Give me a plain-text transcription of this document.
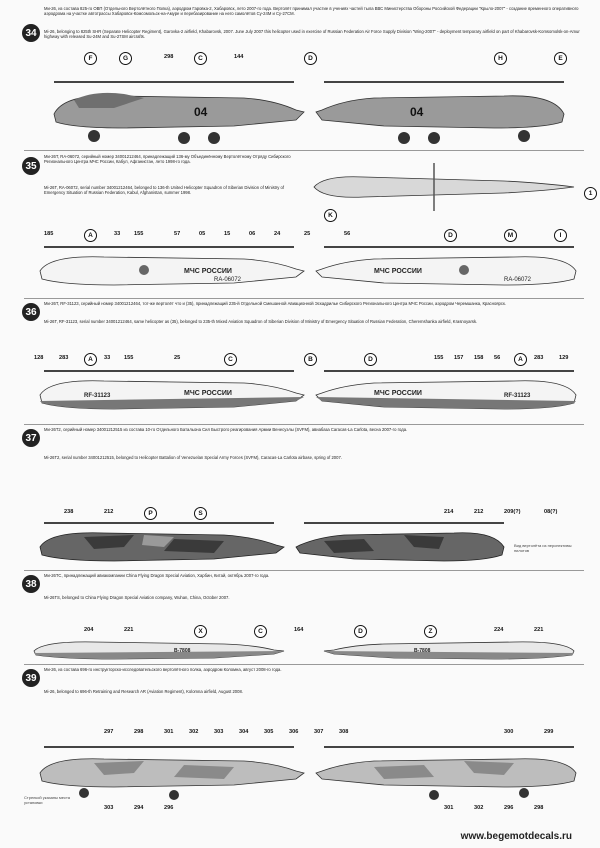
34
Ми-26, из состава 825-го ОВП (Отдельного Вертолётного Полка), аэродром Гаровка-2, Хабаровск, лето 2007-го года. Вертолёт принимал участие в учениях частей тыла ВВС Министерства Обороны Российской Федерации "Крыло-2007" - создание временного оперативного аэродрома на участке автотрассы Хабаровск-Комсомольск-на-Амуре и перебазирование на него самолётов Су-24М и Су-27СМ.
Mi-26, belonging to 825th SHR (Separate Helicopter Regiment), Garovka-2 airfield, Khabarovsk, 2007. June July 2007 this helicopter used in exercise of Russian Federation Air Force Supply Division "Wing-2007" - deployment temporary airfield on part of Khabarovsk-Komsomolsk-on-Amur highway with released Su-24M and Su-27SM aircrafts.
F	G	298	C	144	D	H	E
04	04
35
Ми-26Т, RA-06072, серийный номер 34001212464, принадлежащий 136-му Объединённому Вертолётному Отряду Сибирского Регионального Центра МЧС России, Кабул, Афганистан, лето 1998-го года.
Mi-26T, RA-06072, serial number 34001212464, belonged to 136-th United Helicopter Squadron of Siberian Division of Ministry of Emergency Situation of Russian Federation, Kabul, Afghanistan, summer 1998.
K
1
185	A	33 155	57	05	15	06	24	25	56	D	M	I
МЧС РОССИИ
RA-06072
МЧС РОССИИ
RA-06072
36
Ми-26Т, RF-31123, серийный номер 34001212464, тот-же вертолёт что и (35), принадлежащий 235-й Отдельной Смешанной Авиационной Эскадрилье Сибирского Регионального Центра МЧС России, аэродром Черемшанка, Красноярск.
Mi-26T, RF-31123, serial number 34001212464, same helicopter as (35), belonged to 235-th Mixed Aviation Squadron of Siberian Division of Ministry of Emergency Situation of Russian Federation, Cheremshanka airfield, Krasnoyarsk.
128	283	A	33 155	25	C	B	D	155 157 158 56	A	283	129
RF-31123	МЧС РОССИИ	МЧС РОССИИ	RF-31123
37
Ми-26Т2, серийный номер 34001212515 из состава 10-го Отдельного Батальона Сил Быстрого реагирования Армии Венесуэлы (SVFM), авиабаза Caracas-La Carlota, весна 2007-го года.
Mi-26T2, serial number 34001212515, belonged to Helicopter Battalion of Venezuelan Special Army Forces (SVFM), Caracas-La Carlota airbase, spring of 2007.
238	212	P	S	214	212	209(?)	08(?)
Вид вертолёта из перспективы пилотов
38
Ми-26ТС, принадлежащий авиакомпании China Flying Dragon Special Aviation, Харбин, Китай, октябрь 2007-го года.
Mi-26TS, belonged to China Flying Dragon Special Aviation company, Wuhan, China, October 2007.
204	221	X	C	164	D	Z	224	221
B-7808	B-7808
39
Ми-26, из состава 696-го инструкторско-исследовательского вертолётного полка, аэродром Коломна, август 2008-го года.
Mi-26, belonged to 696-th Retraining and Research AR (Aviation Regiment), Kolomna airfield, August 2008.
297	298	301	302	303	304	305	306	307	308	300	299
Стрелкой указаны места установки
303	294	296	301	302	296	298
www.begemotdecals.ru
